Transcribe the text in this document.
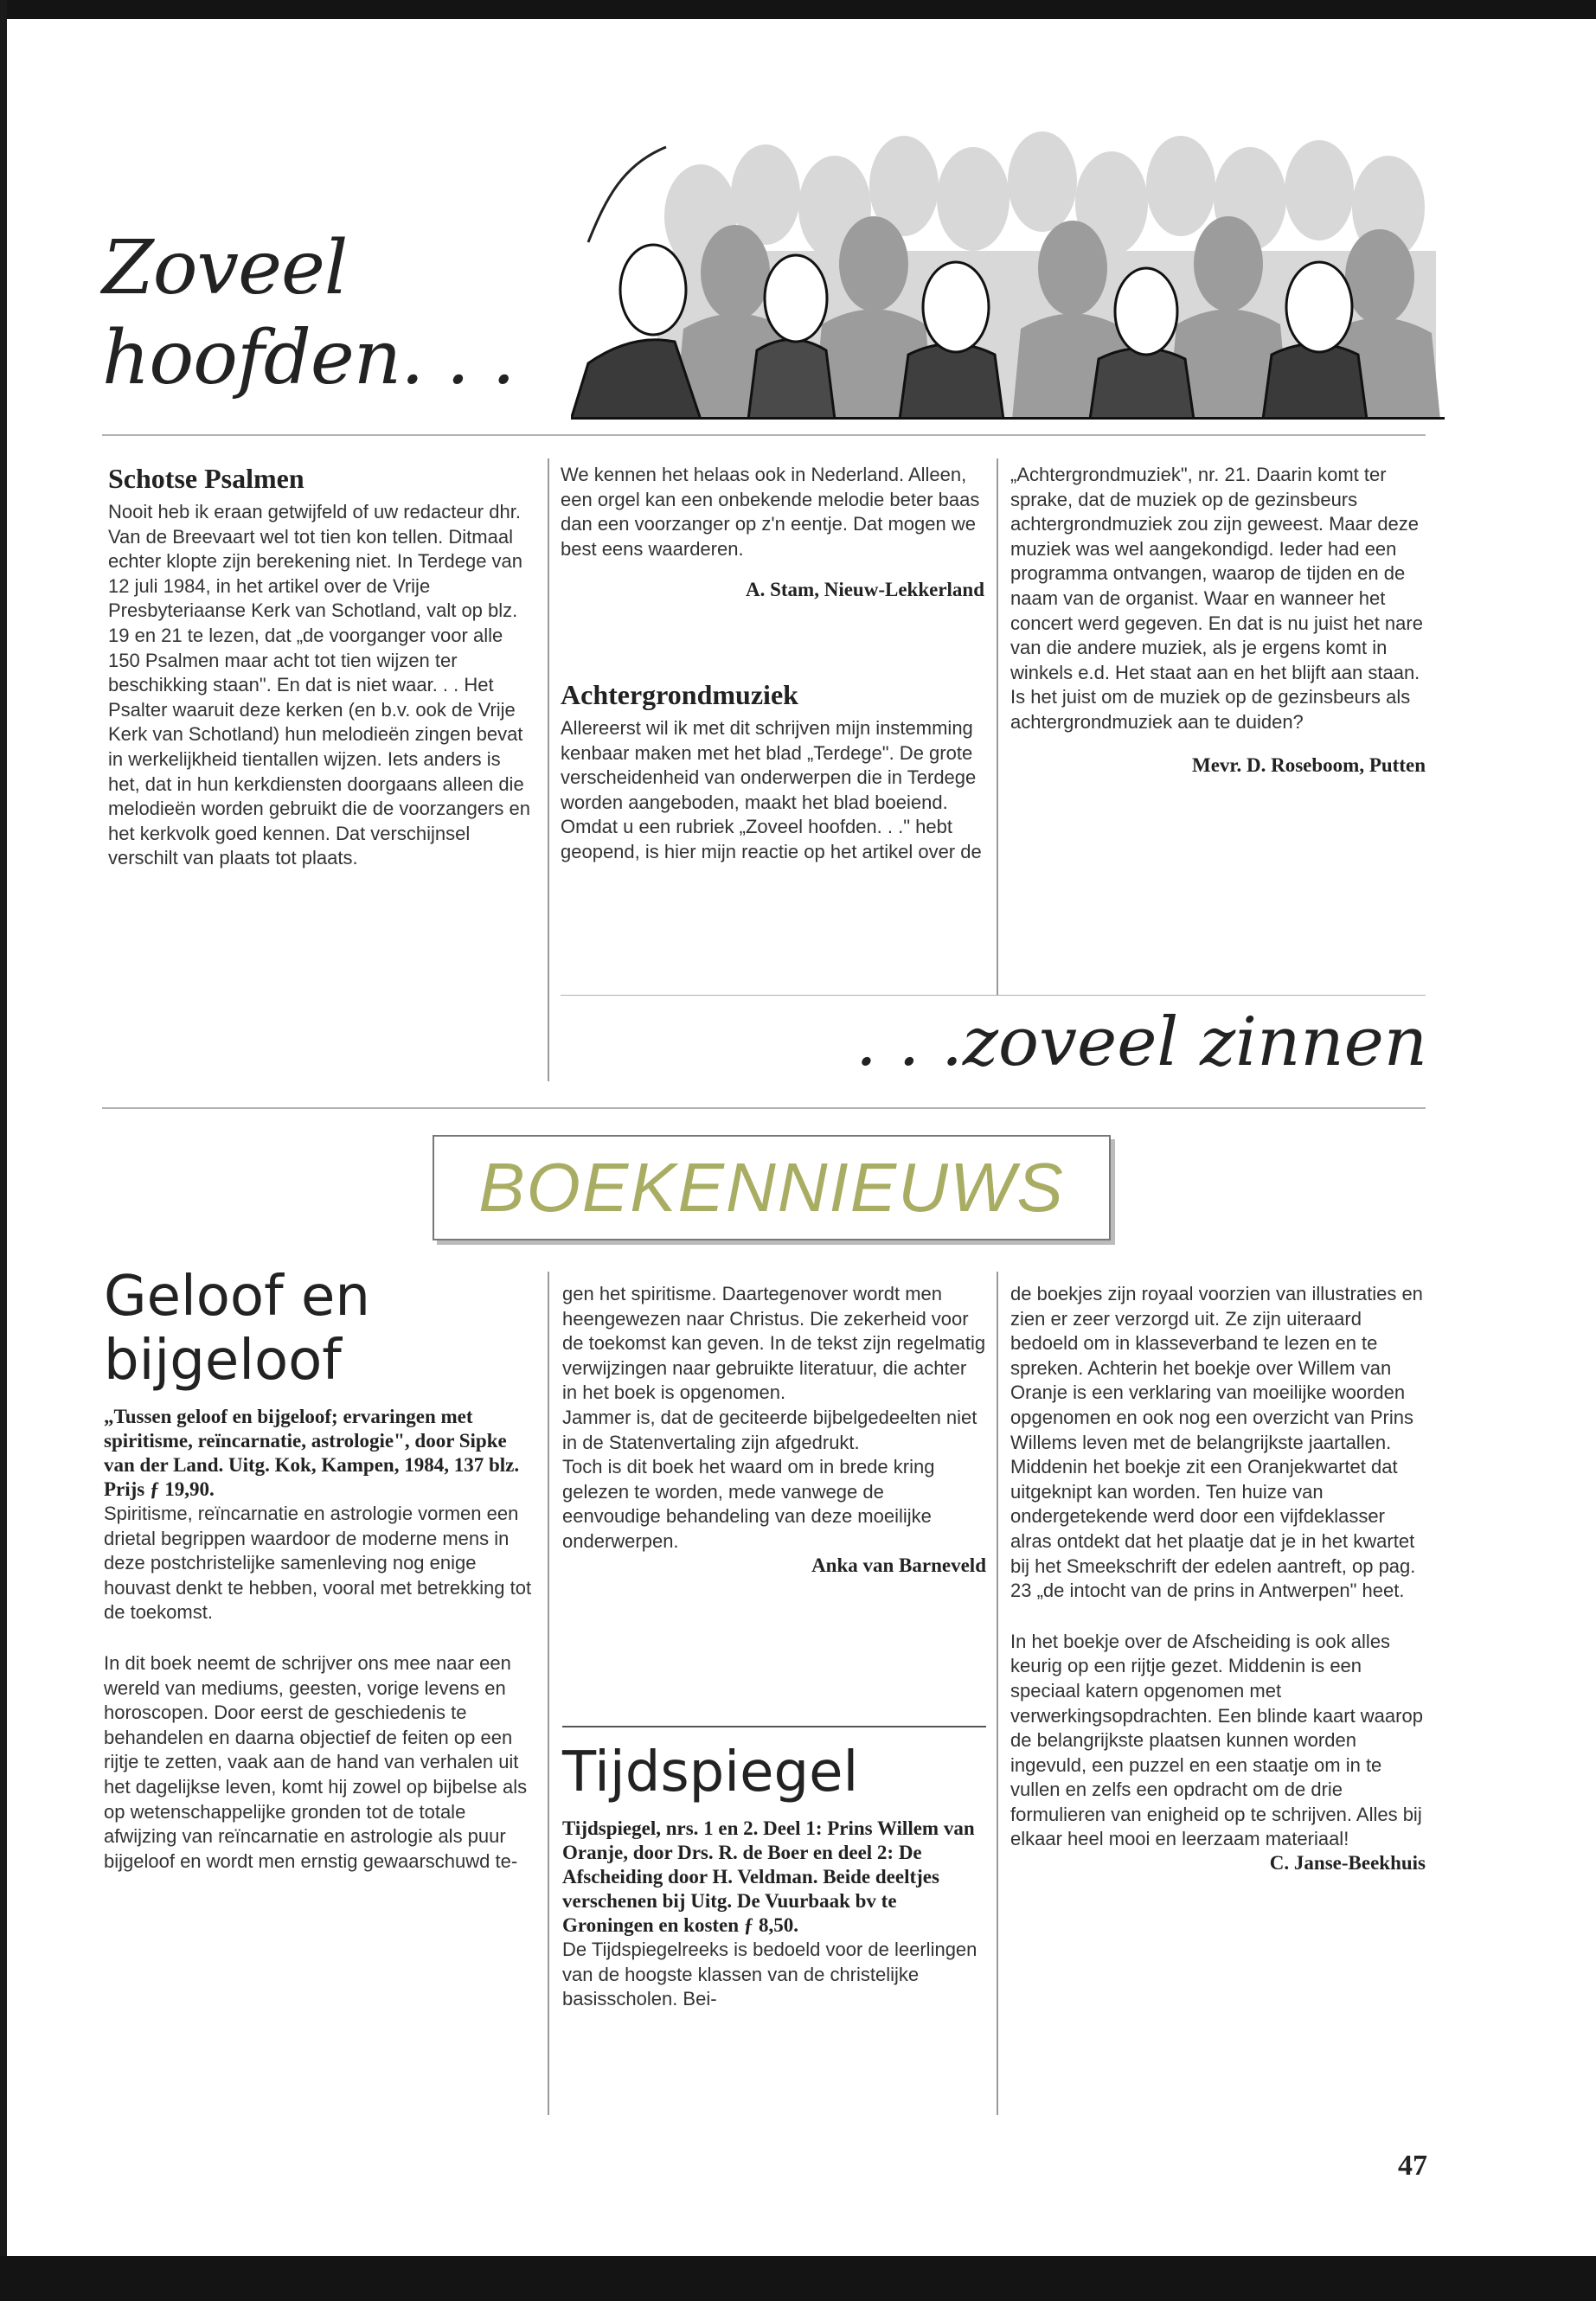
Zoveel
hoofden. . .
Schotse Psalmen
Nooit heb ik eraan getwijfeld of uw redacteur dhr. Van de Breevaart wel tot tien kon tellen. Ditmaal echter klopte zijn berekening niet. In Terdege van 12 juli 1984, in het artikel over de Vrije Presbyteriaanse Kerk van Schotland, valt op blz. 19 en 21 te lezen, dat „de voorganger voor alle 150 Psalmen maar acht tot tien wijzen ter beschikking staan". En dat is niet waar. . . Het Psalter waaruit deze kerken (en b.v. ook de Vrije Kerk van Schotland) hun melodieën zingen bevat in werkelijkheid tientallen wijzen. Iets anders is het, dat in hun kerkdiensten doorgaans alleen die melodieën worden gebruikt die de voorzangers en het kerkvolk goed kennen. Dat verschijnsel verschilt van plaats tot plaats.
We kennen het helaas ook in Nederland. Alleen, een orgel kan een onbekende melodie beter baas dan een voorzanger op z'n eentje. Dat mogen we best eens waarderen.
A. Stam, Nieuw-Lekkerland
Achtergrondmuziek
Allereerst wil ik met dit schrijven mijn instemming kenbaar maken met het blad „Terdege". De grote verscheidenheid van onderwerpen die in Terdege worden aangeboden, maakt het blad boeiend. Omdat u een rubriek „Zoveel hoofden. . ." hebt geopend, is hier mijn reactie op het artikel over de
„Achtergrondmuziek", nr. 21. Daarin komt ter sprake, dat de muziek op de gezinsbeurs achtergrondmuziek zou zijn geweest. Maar deze muziek was wel aangekondigd. Ieder had een programma ontvangen, waarop de tijden en de naam van de organist. Waar en wanneer het concert werd gegeven. En dat is nu juist het nare van die andere muziek, als je ergens komt in winkels e.d. Het staat aan en het blijft aan staan. Is het juist om de muziek op de gezinsbeurs als achtergrondmuziek aan te duiden?
Mevr. D. Roseboom, Putten
. . .zoveel zinnen
BOEKENNIEUWS
Geloof en
bijgeloof
„Tussen geloof en bijgeloof; ervaringen met spiritisme, reïncarnatie, astrologie", door Sipke van der Land. Uitg. Kok, Kampen, 1984, 137 blz. Prijs ƒ 19,90.
Spiritisme, reïncarnatie en astrologie vormen een drietal begrippen waardoor de moderne mens in deze postchristelijke samenleving nog enige houvast denkt te hebben, vooral met betrekking tot de toekomst.
In dit boek neemt de schrijver ons mee naar een wereld van mediums, geesten, vorige levens en horoscopen. Door eerst de geschiedenis te behandelen en daarna objectief de feiten op een rijtje te zetten, vaak aan de hand van verhalen uit het dagelijkse leven, komt hij zowel op bijbelse als op wetenschappelijke gronden tot de totale afwijzing van reïncarnatie en astrologie als puur bijgeloof en wordt men ernstig gewaarschuwd te-
gen het spiritisme. Daartegenover wordt men heengewezen naar Christus. Die zekerheid voor de toekomst kan geven. In de tekst zijn regelmatig verwijzingen naar gebruikte literatuur, die achter in het boek is opgenomen.
Jammer is, dat de geciteerde bijbelgedeelten niet in de Statenvertaling zijn afgedrukt.
Toch is dit boek het waard om in brede kring gelezen te worden, mede vanwege de eenvoudige behandeling van deze moeilijke onderwerpen.
Anka van Barneveld
Tijdspiegel
Tijdspiegel, nrs. 1 en 2. Deel 1: Prins Willem van Oranje, door Drs. R. de Boer en deel 2: De Afscheiding door H. Veldman. Beide deeltjes verschenen bij Uitg. De Vuurbaak bv te Groningen en kosten ƒ 8,50.
De Tijdspiegelreeks is bedoeld voor de leerlingen van de hoogste klassen van de christelijke basisscholen. Bei-
de boekjes zijn royaal voorzien van illustraties en zien er zeer verzorgd uit. Ze zijn uiteraard bedoeld om in klasseverband te lezen en te spreken. Achterin het boekje over Willem van Oranje is een verklaring van moeilijke woorden opgenomen en ook nog een overzicht van Prins Willems leven met de belangrijkste jaartallen. Middenin het boekje zit een Oranjekwartet dat uitgeknipt kan worden. Ten huize van ondergetekende werd door een vijfdeklasser alras ontdekt dat het plaatje dat je in het kwartet bij het Smeekschrift der edelen aantreft, op pag. 23 „de intocht van de prins in Antwerpen" heet.
In het boekje over de Afscheiding is ook alles keurig op een rijtje gezet. Middenin is een speciaal katern opgenomen met verwerkingsopdrachten. Een blinde kaart waarop de belangrijkste plaatsen kunnen worden ingevuld, een puzzel en een staatje om in te vullen en zelfs een opdracht om de drie formulieren van enigheid op te schrijven. Alles bij elkaar heel mooi en leerzaam materiaal!
C. Janse-Beekhuis
47
